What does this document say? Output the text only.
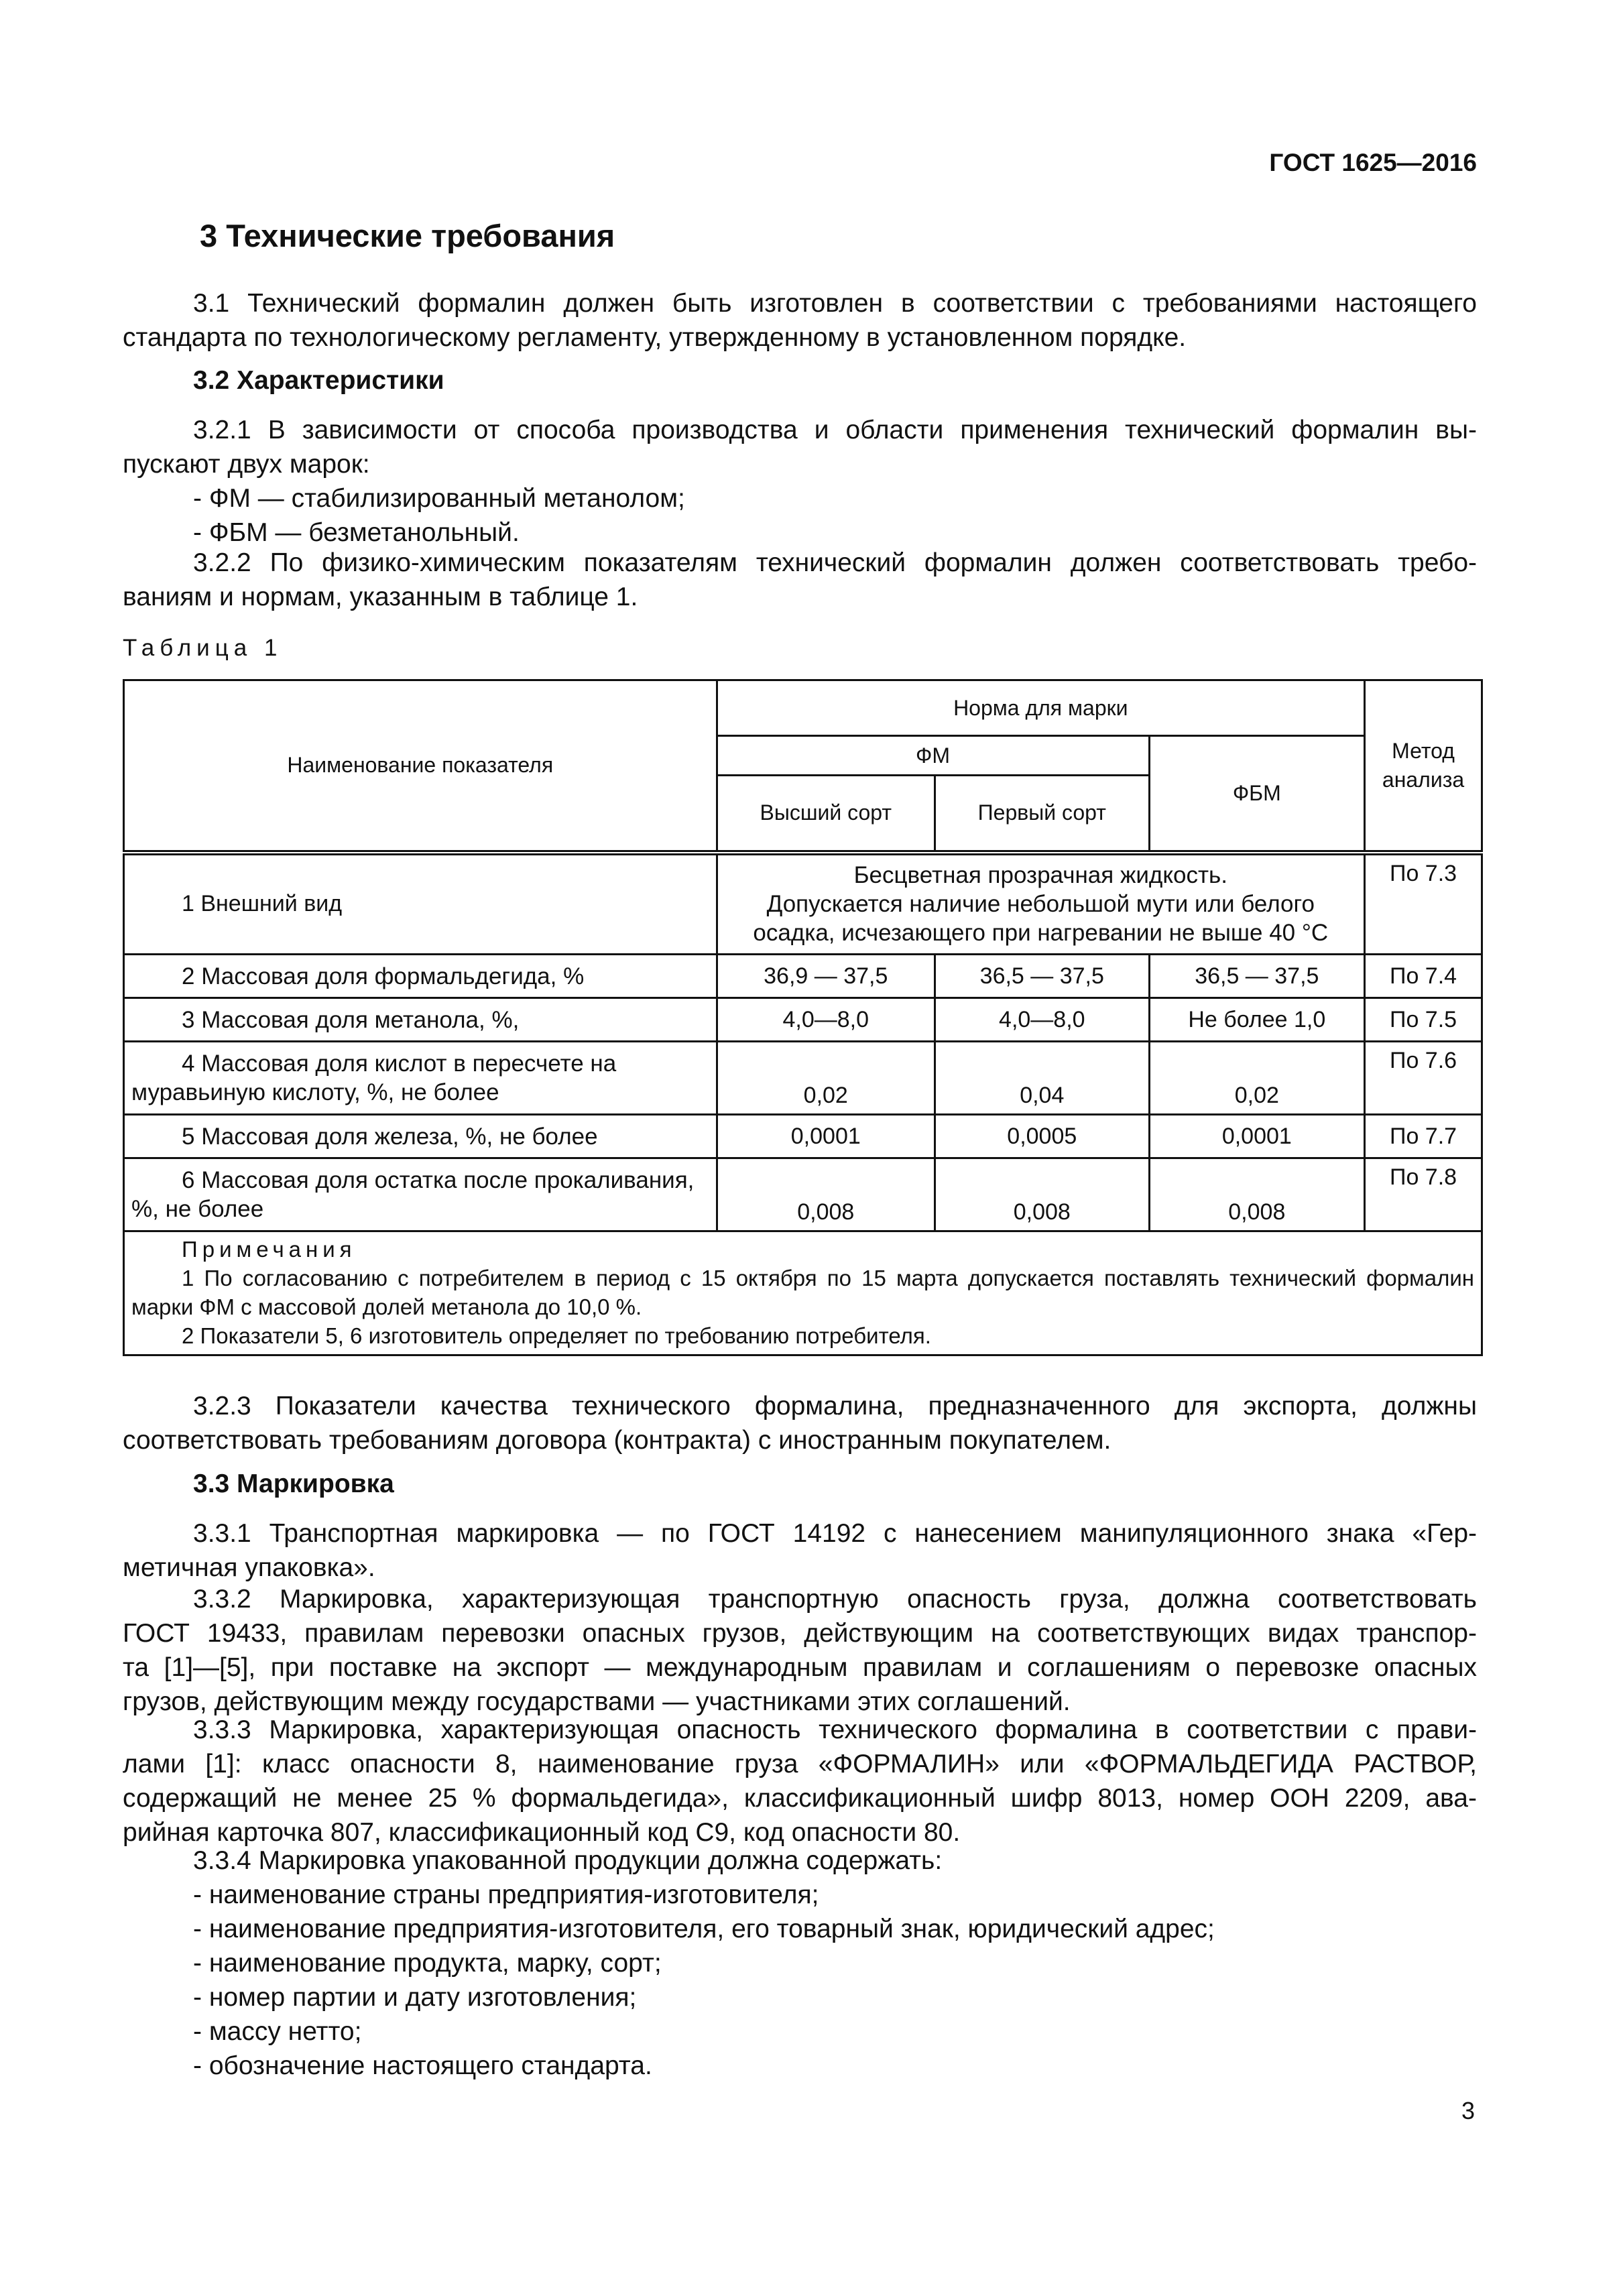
ГОСТ 1625—2016
3 Технические требования
3.1 Технический формалин должен быть изготовлен в соответствии с требованиями настоящего
стандарта по технологическому регламенту, утвержденному в установленном порядке.
3.2 Характеристики
3.2.1 В зависимости от способа производства и области применения технический формалин вы-
пускают двух марок:
- ФМ — стабилизированный метанолом;
- ФБМ — безметанольный.
3.2.2 По физико-химическим показателям технический формалин должен соответствовать требо-
ваниям и нормам, указанным в таблице 1.
Таблица 1
Наименование показателя	Норма для марки			Метод анализа
	ФМ		ФБМ	
	Высший сорт	Первый сорт		
1 Внешний вид	Бесцветная прозрачная жидкость.
Допускается наличие небольшой мути или белого
осадка, исчезающего при нагревании не выше 40 °С			По 7.3
2 Массовая доля формальдегида, %	36,9 — 37,5	36,5 — 37,5	36,5 — 37,5	По 7.4
3 Массовая доля метанола, %,	4,0—8,0	4,0—8,0	Не более 1,0	По 7.5
4 Массовая доля кислот в пересчете на муравьиную кислоту, %, не более	0,02	0,04	0,02	По 7.6
5 Массовая доля железа, %, не более	0,0001	0,0005	0,0001	По 7.7
6 Массовая доля остатка после прокаливания, %, не более	0,008	0,008	0,008	По 7.8

Примечания
1 По согласованию с потребителем в период с 15 октября по 15 марта допускается поставлять технический формалин марки ФМ с массовой долей метанола до 10,0 %.
2 Показатели 5, 6 изготовитель определяет по требованию потребителя.				
3.2.3 Показатели качества технического формалина, предназначенного для экспорта, должны
соответствовать требованиям договора (контракта) с иностранным покупателем.
3.3 Маркировка
3.3.1 Транспортная маркировка — по ГОСТ 14192 с нанесением манипуляционного знака «Гер-
метичная упаковка».
3.3.2 Маркировка, характеризующая транспортную опасность груза, должна соответствовать
ГОСТ 19433, правилам перевозки опасных грузов, действующим на соответствующих видах транспор-
та [1]—[5], при поставке на экспорт — международным правилам и соглашениям о перевозке опасных
грузов, действующим между государствами — участниками этих соглашений.
3.3.3 Маркировка, характеризующая опасность технического формалина в соответствии с прави-
лами [1]: класс опасности 8, наименование груза «ФОРМАЛИН» или «ФОРМАЛЬДЕГИДА РАСТВОР,
содержащий не менее 25 % формальдегида», классификационный шифр 8013, номер ООН 2209, ава-
рийная карточка 807, классификационный код С9, код опасности 80.
3.3.4 Маркировка упакованной продукции должна содержать:
- наименование страны предприятия-изготовителя;
- наименование предприятия-изготовителя, его товарный знак, юридический адрес;
- наименование продукта, марку, сорт;
- номер партии и дату изготовления;
- массу нетто;
- обозначение настоящего стандарта.
3
